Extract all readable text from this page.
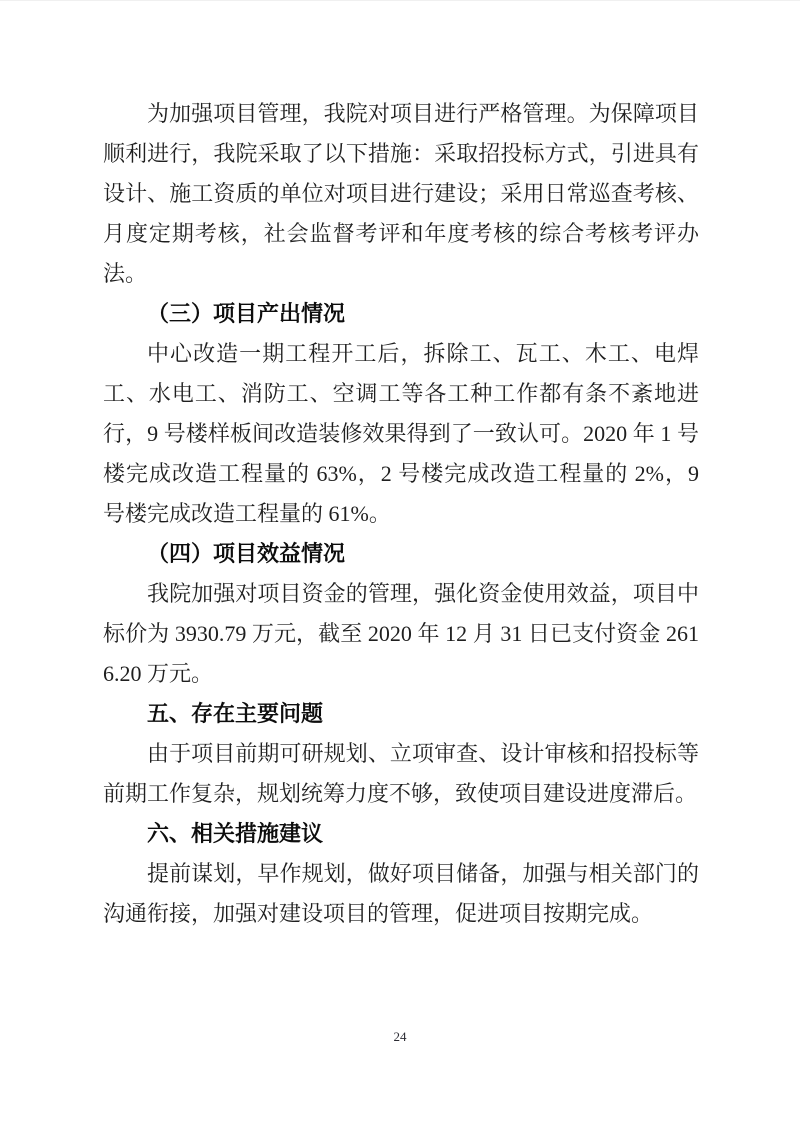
为加强项目管理，我院对项目进行严格管理。为保障项目顺利进行，我院采取了以下措施：采取招投标方式，引进具有设计、施工资质的单位对项目进行建设；采用日常巡查考核、月度定期考核，社会监督考评和年度考核的综合考核考评办法。

（三）项目产出情况

中心改造一期工程开工后，拆除工、瓦工、木工、电焊工、水电工、消防工、空调工等各工种工作都有条不紊地进行，9 号楼样板间改造装修效果得到了一致认可。2020 年 1 号楼完成改造工程量的 63%，2 号楼完成改造工程量的 2%，9 号楼完成改造工程量的 61%。

（四）项目效益情况

我院加强对项目资金的管理，强化资金使用效益，项目中标价为 3930.79 万元，截至 2020 年 12 月 31 日已支付资金 2616.20 万元。

五、存在主要问题

由于项目前期可研规划、立项审查、设计审核和招投标等前期工作复杂，规划统筹力度不够，致使项目建设进度滞后。

六、相关措施建议

提前谋划，早作规划，做好项目储备，加强与相关部门的沟通衔接，加强对建设项目的管理，促进项目按期完成。

24
